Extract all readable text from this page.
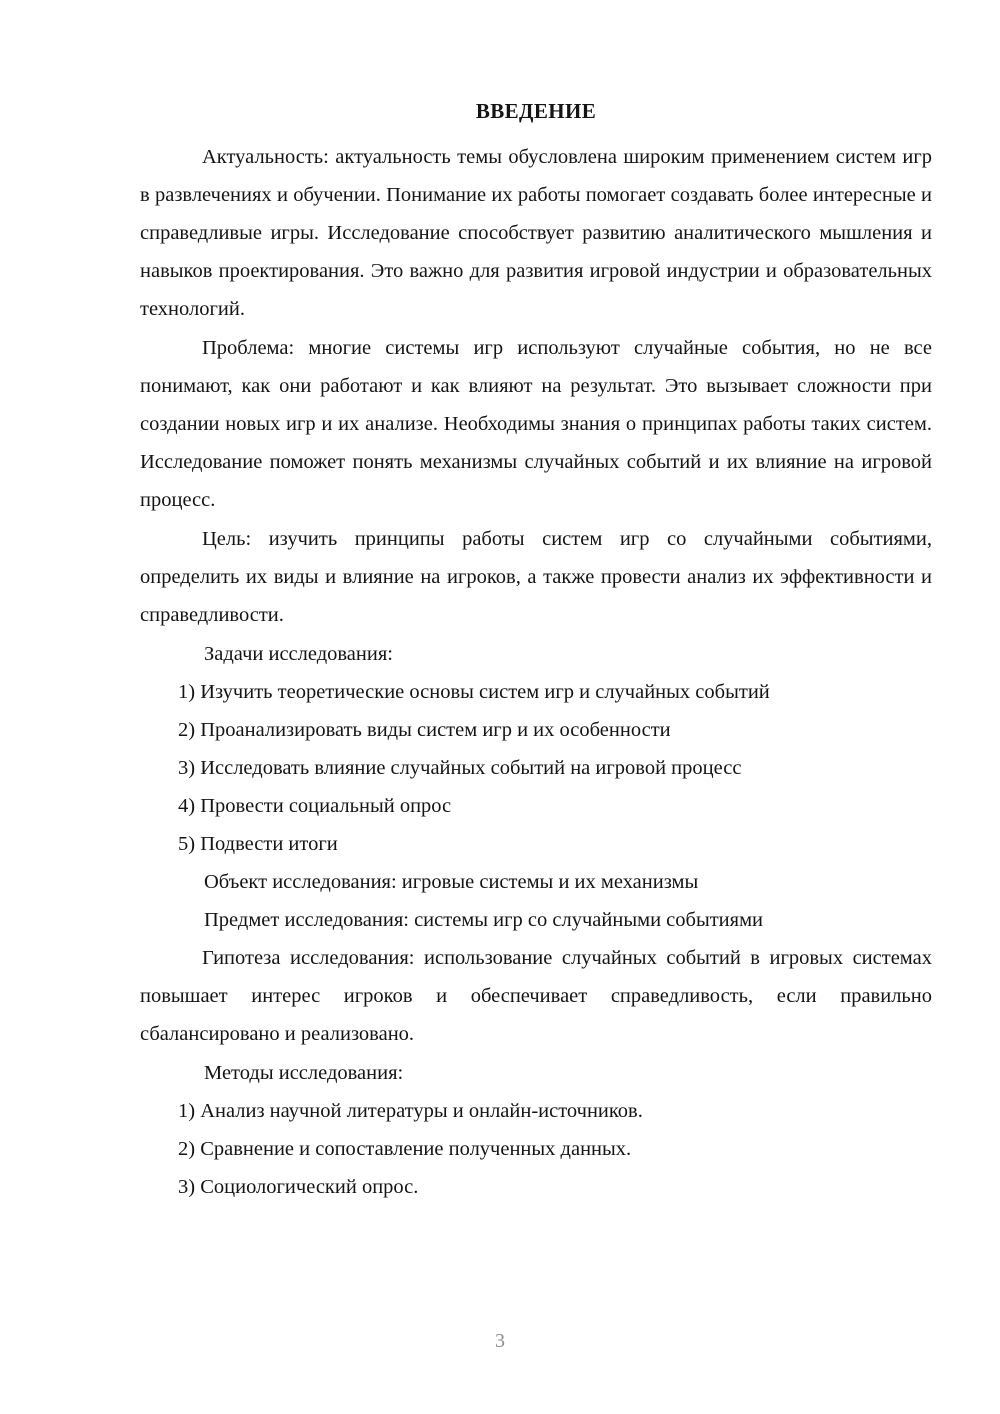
ВВЕДЕНИЕ

Актуальность: актуальность темы обусловлена широким применением систем игр в развлечениях и обучении. Понимание их работы помогает создавать более интересные и справедливые игры. Исследование способствует развитию аналитического мышления и навыков проектирования. Это важно для развития игровой индустрии и образовательных технологий.

Проблема: многие системы игр используют случайные события, но не все понимают, как они работают и как влияют на результат. Это вызывает сложности при создании новых игр и их анализе. Необходимы знания о принципах работы таких систем. Исследование поможет понять механизмы случайных событий и их влияние на игровой процесс.

Цель: изучить принципы работы систем игр со случайными событиями, определить их виды и влияние на игроков, а также провести анализ их эффективности и справедливости.

Задачи исследования:

1) Изучить теоретические основы систем игр и случайных событий
2) Проанализировать виды систем игр и их особенности
3) Исследовать влияние случайных событий на игровой процесс
4) Провести социальный опрос
5) Подвести итоги

Объект исследования: игровые системы и их механизмы

Предмет исследования: системы игр со случайными событиями

Гипотеза исследования: использование случайных событий в игровых системах повышает интерес игроков и обеспечивает справедливость, если правильно сбалансировано и реализовано.

Методы исследования:

1) Анализ научной литературы и онлайн-источников.
2) Сравнение и сопоставление полученных данных.
3) Социологический опрос.
3
